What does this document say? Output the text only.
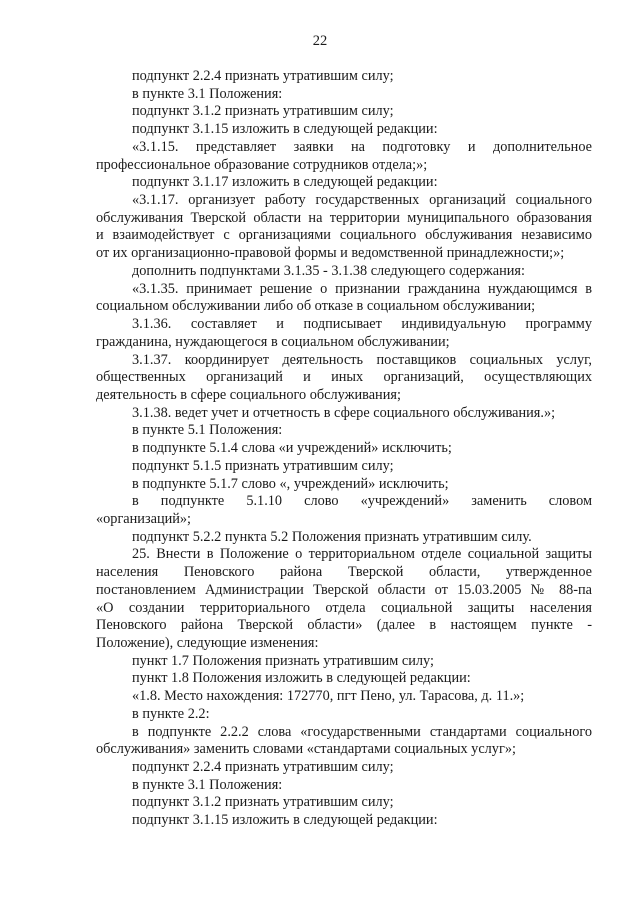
22
подпункт 2.2.4 признать утратившим силу;
в пункте 3.1 Положения:
подпункт 3.1.2 признать утратившим силу;
подпункт 3.1.15 изложить в следующей редакции:
«3.1.15. представляет заявки на подготовку и дополнительное
профессиональное образование сотрудников отдела;»;
подпункт 3.1.17 изложить в следующей редакции:
«3.1.17. организует работу государственных организаций социального
обслуживания Тверской области на территории муниципального образования
и взаимодействует с организациями социального обслуживания независимо
от их организационно-правовой формы и ведомственной принадлежности;»;
дополнить подпунктами 3.1.35 - 3.1.38 следующего содержания:
«3.1.35. принимает решение о признании гражданина нуждающимся в
социальном обслуживании либо об отказе в социальном обслуживании;
3.1.36. составляет и подписывает индивидуальную программу
гражданина, нуждающегося в социальном обслуживании;
3.1.37. координирует деятельность поставщиков социальных услуг,
общественных организаций и иных организаций, осуществляющих
деятельность в сфере социального обслуживания;
3.1.38. ведет учет и отчетность в сфере социального обслуживания.»;
в пункте 5.1 Положения:
в подпункте 5.1.4 слова «и учреждений» исключить;
подпункт 5.1.5 признать утратившим силу;
в подпункте 5.1.7 слово «, учреждений» исключить;
в подпункте 5.1.10 слово «учреждений» заменить словом
«организаций»;
подпункт 5.2.2 пункта 5.2 Положения признать утратившим силу.
25. Внести в Положение о территориальном отделе социальной защиты
населения Пеновского района Тверской области, утвержденное
постановлением Администрации Тверской области от 15.03.2005 № 88-па
«О создании территориального отдела социальной защиты населения
Пеновского района Тверской области» (далее в настоящем пункте -
Положение), следующие изменения:
пункт 1.7 Положения признать утратившим силу;
пункт 1.8 Положения изложить в следующей редакции:
«1.8. Место нахождения: 172770, пгт Пено, ул. Тарасова, д. 11.»;
в пункте 2.2:
в подпункте 2.2.2 слова «государственными стандартами социального
обслуживания» заменить словами «стандартами социальных услуг»;
подпункт 2.2.4 признать утратившим силу;
в пункте 3.1 Положения:
подпункт 3.1.2 признать утратившим силу;
подпункт 3.1.15 изложить в следующей редакции:
